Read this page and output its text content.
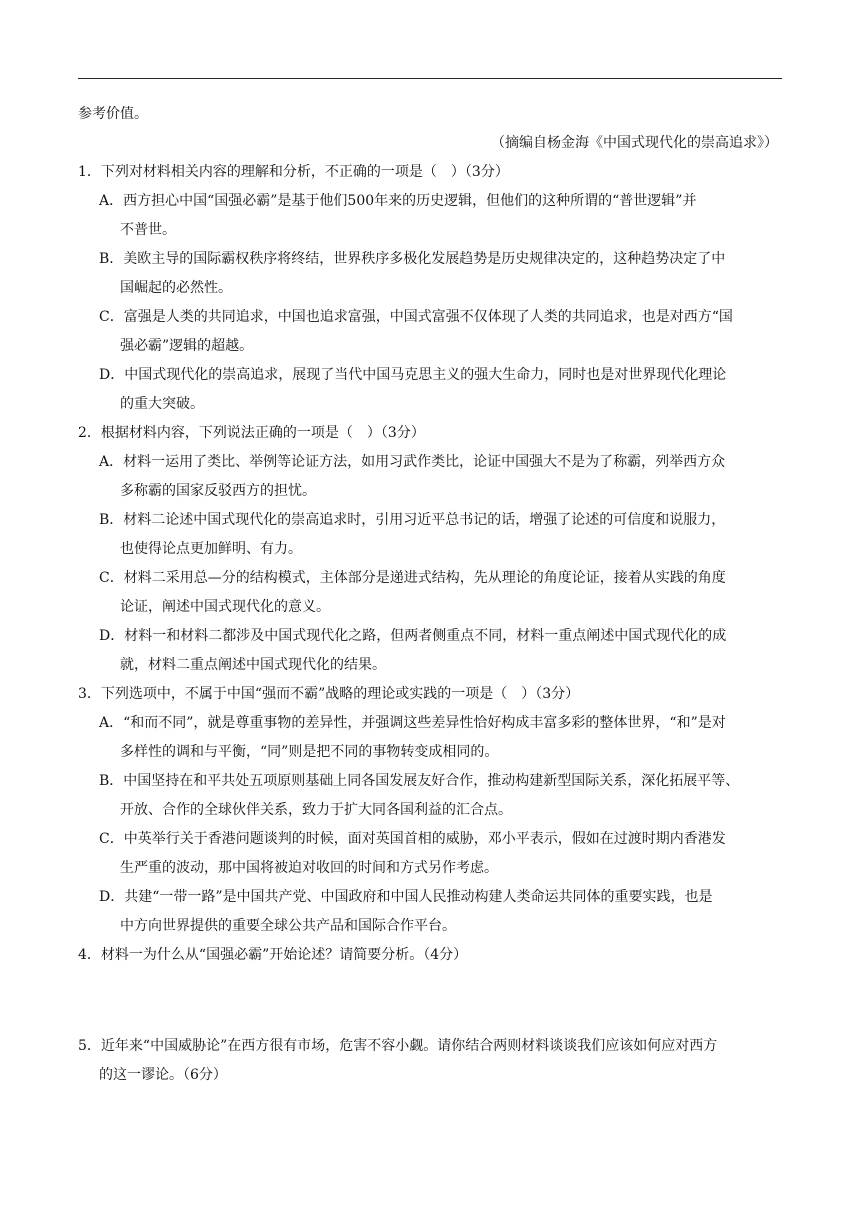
参考价值。
（摘编自杨金海《中国式现代化的崇高追求》）
1．下列对材料相关内容的理解和分析，不正确的一项是（　）（3分）
A．西方担心中国“国强必霸”是基于他们500年来的历史逻辑，但他们的这种所谓的“普世逻辑”并
不普世。
B．美欧主导的国际霸权秩序将终结，世界秩序多极化发展趋势是历史规律决定的，这种趋势决定了中
国崛起的必然性。
C．富强是人类的共同追求，中国也追求富强，中国式富强不仅体现了人类的共同追求，也是对西方“国
强必霸”逻辑的超越。
D．中国式现代化的崇高追求，展现了当代中国马克思主义的强大生命力，同时也是对世界现代化理论
的重大突破。
2．根据材料内容，下列说法正确的一项是（　）（3分）
A．材料一运用了类比、举例等论证方法，如用习武作类比，论证中国强大不是为了称霸，列举西方众
多称霸的国家反驳西方的担忧。
B．材料二论述中国式现代化的崇高追求时，引用习近平总书记的话，增强了论述的可信度和说服力，
也使得论点更加鲜明、有力。
C．材料二采用总—分的结构模式，主体部分是递进式结构，先从理论的角度论证，接着从实践的角度
论证，阐述中国式现代化的意义。
D．材料一和材料二都涉及中国式现代化之路，但两者侧重点不同，材料一重点阐述中国式现代化的成
就，材料二重点阐述中国式现代化的结果。
3．下列选项中，不属于中国“强而不霸”战略的理论或实践的一项是（　）（3分）
A．“和而不同”，就是尊重事物的差异性，并强调这些差异性恰好构成丰富多彩的整体世界，“和”是对
多样性的调和与平衡，“同”则是把不同的事物转变成相同的。
B．中国坚持在和平共处五项原则基础上同各国发展友好合作，推动构建新型国际关系，深化拓展平等、
开放、合作的全球伙伴关系，致力于扩大同各国利益的汇合点。
C．中英举行关于香港问题谈判的时候，面对英国首相的威胁，邓小平表示，假如在过渡时期内香港发
生严重的波动，那中国将被迫对收回的时间和方式另作考虑。
D．共建“一带一路”是中国共产党、中国政府和中国人民推动构建人类命运共同体的重要实践，也是
中方向世界提供的重要全球公共产品和国际合作平台。
4．材料一为什么从“国强必霸”开始论述？请简要分析。（4分）
5．近年来“中国威胁论”在西方很有市场，危害不容小觑。请你结合两则材料谈谈我们应该如何应对西方
的这一谬论。（6分）
